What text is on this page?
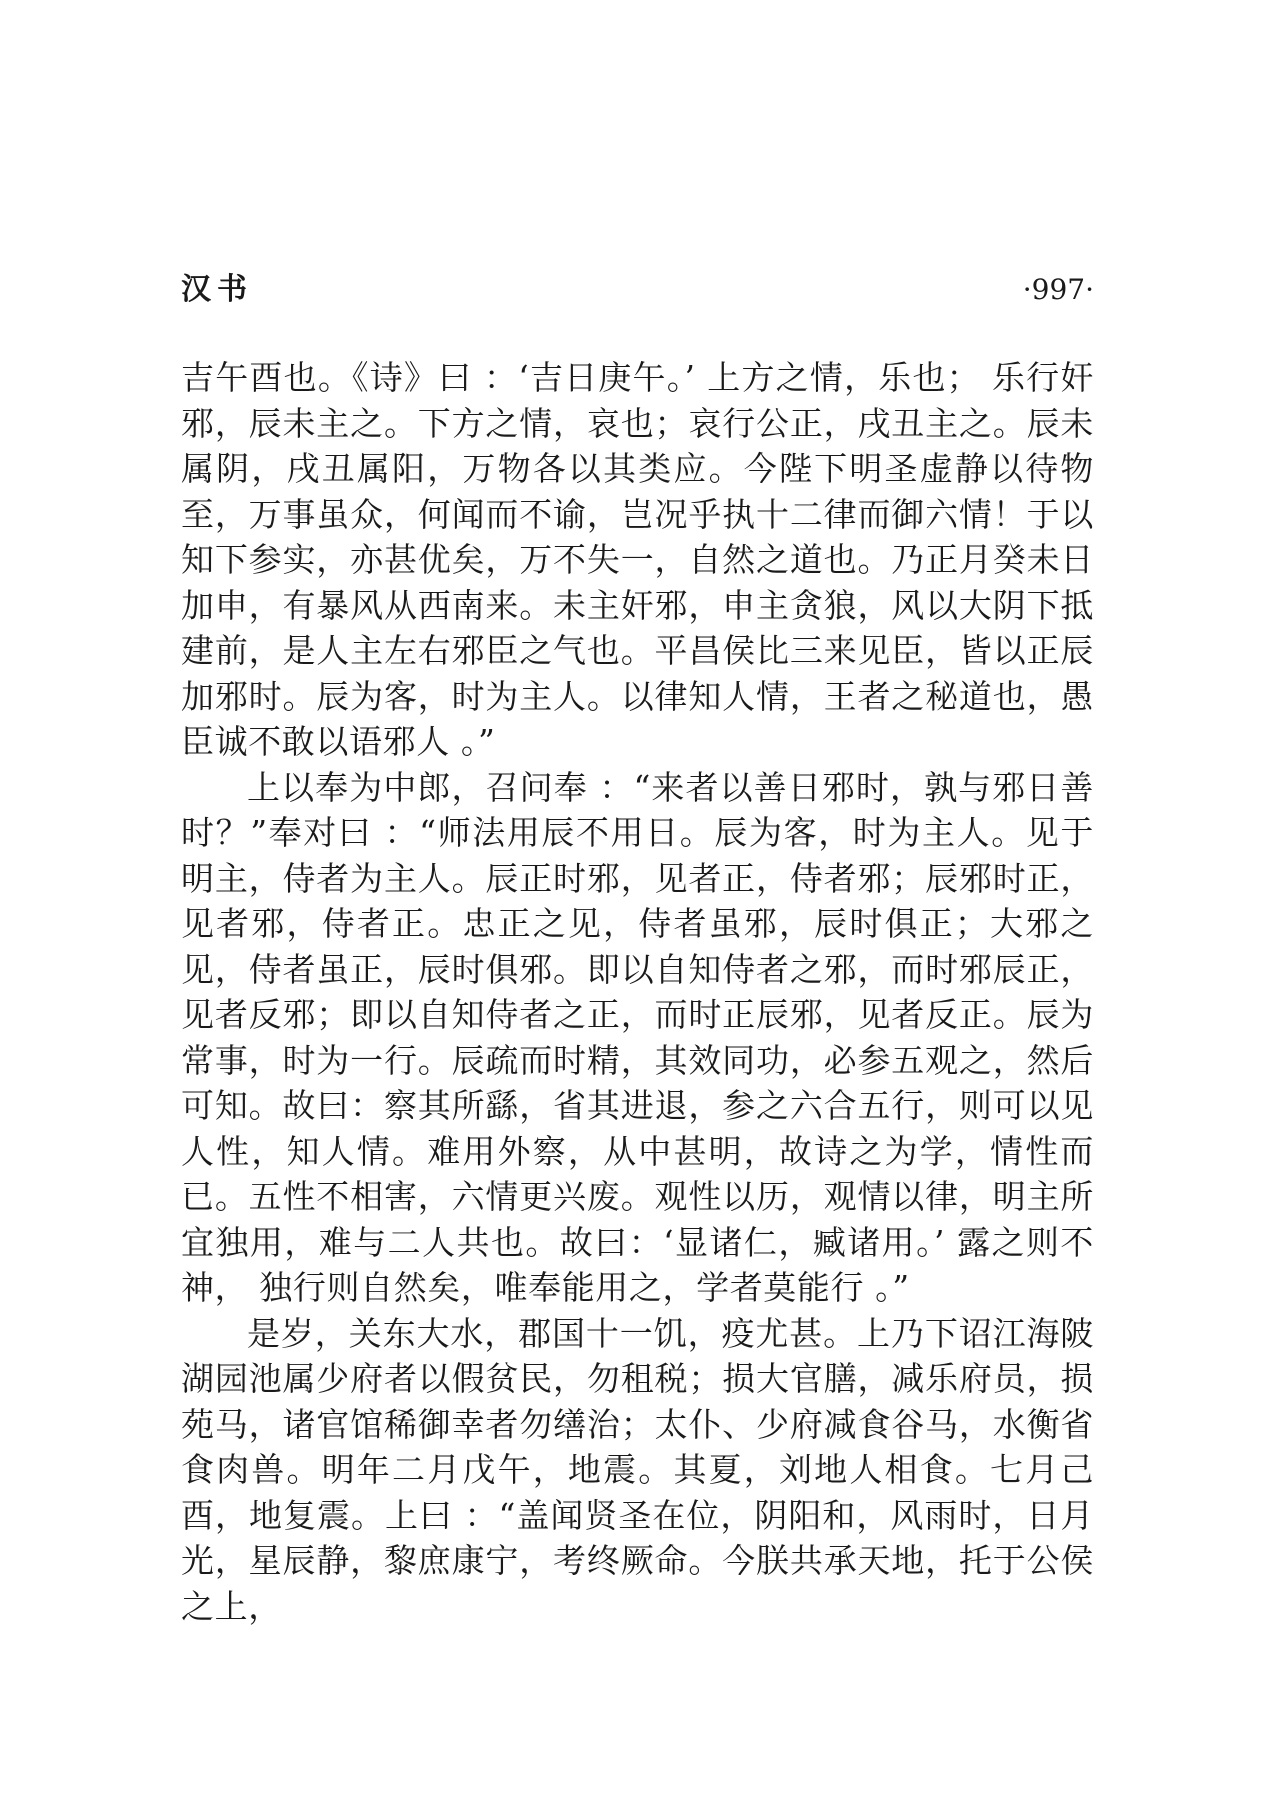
汉书	·997·

吉午酉也。《诗》曰 ：‘吉日庚午。’ 上方之情，乐也； 乐行奸邪，辰未主之。下方之情，哀也；哀行公正，戌丑主之。辰未属阴，戌丑属阳，万物各以其类应。今陛下明圣虚静以待物至，万事虽众，何闻而不谕，岂况乎执十二律而御六情！于以知下参实，亦甚优矣，万不失一，自然之道也。乃正月癸未日加申，有暴风从西南来。未主奸邪，申主贪狼，风以大阴下抵建前，是人主左右邪臣之气也。平昌侯比三来见臣，皆以正辰加邪时。辰为客，时为主人。以律知人情，王者之秘道也，愚臣诚不敢以语邪人 。”

上以奉为中郎，召问奉 ：“来者以善日邪时，孰与邪日善时？”奉对曰 ：“师法用辰不用日。辰为客，时为主人。见于明主，侍者为主人。辰正时邪，见者正，侍者邪；辰邪时正，见者邪，侍者正。忠正之见，侍者虽邪，辰时俱正；大邪之见，侍者虽正，辰时俱邪。即以自知侍者之邪，而时邪辰正，见者反邪；即以自知侍者之正，而时正辰邪，见者反正。辰为常事，时为一行。辰疏而时精，其效同功，必参五观之，然后可知。故曰：察其所繇，省其进退，参之六合五行，则可以见人性，知人情。难用外察，从中甚明，故诗之为学，情性而已。五性不相害，六情更兴废。观性以历，观情以律，明主所宜独用，难与二人共也。故曰：‘显诸仁，臧诸用。’ 露之则不神， 独行则自然矣，唯奉能用之，学者莫能行 。”

是岁，关东大水，郡国十一饥，疫尤甚。上乃下诏江海陂湖园池属少府者以假贫民，勿租税；损大官膳，减乐府员，损苑马，诸官馆稀御幸者勿缮治；太仆、少府减食谷马，水衡省食肉兽。明年二月戊午，地震。其夏，刘地人相食。七月己酉，地复震。上曰 ：“盖闻贤圣在位，阴阳和，风雨时，日月光，星辰静，黎庶康宁，考终厥命。今朕共承天地，托于公侯之上，
